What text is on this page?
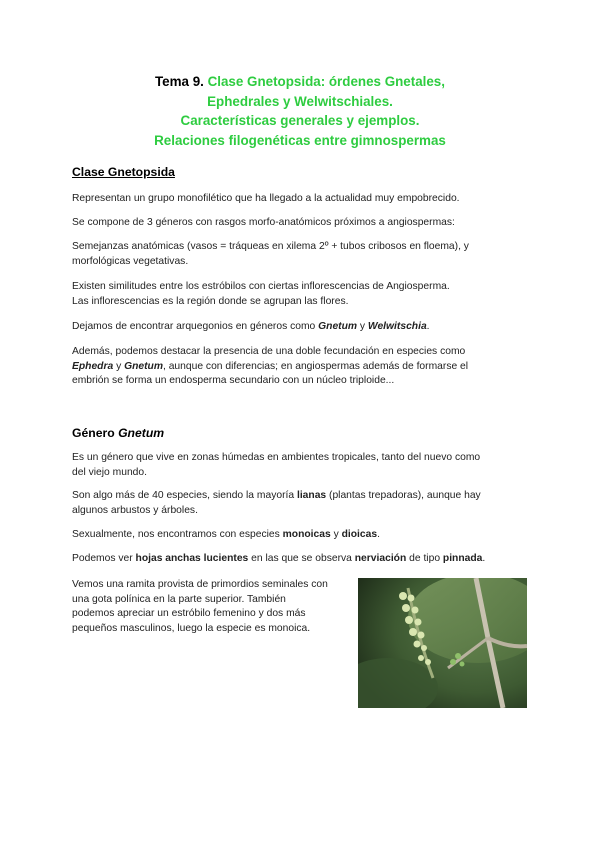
Tema 9. Clase Gnetopsida: órdenes Gnetales,
Ephedrales y Welwitschiales.
Características generales y ejemplos.
Relaciones filogenéticas entre gimnospermas
Clase Gnetopsida
Representan un grupo monofilético que ha llegado a la actualidad muy empobrecido.
Se compone de 3 géneros con rasgos morfo-anatómicos próximos a angiospermas:
Semejanzas anatómicas (vasos = tráqueas en xilema 2º + tubos cribosos en floema), y
morfológicas vegetativas.
Existen similitudes entre los estróbilos con ciertas inflorescencias de Angiosperma.
Las inflorescencias es la región donde se agrupan las flores.
Dejamos de encontrar arquegonios en géneros como Gnetum y Welwitschia.
Además, podemos destacar la presencia de una doble fecundación en especies como
Ephedra y Gnetum, aunque con diferencias; en angiospermas además de formarse el
embrión se forma un endosperma secundario con un núcleo triploide...
Género Gnetum
Es un género que vive en zonas húmedas en ambientes tropicales, tanto del nuevo como
del viejo mundo.
Son algo más de 40 especies, siendo la mayoría lianas (plantas trepadoras), aunque hay
algunos arbustos y árboles.
Sexualmente, nos encontramos con especies monoicas y dioicas.
Podemos ver hojas anchas lucientes en las que se observa nerviación de tipo pinnada.
Vemos una ramita provista de primordios seminales con
una gota polínica en la parte superior. También
podemos apreciar un estróbilo femenino y dos más
pequeños masculinos, luego la especie es monoica.
